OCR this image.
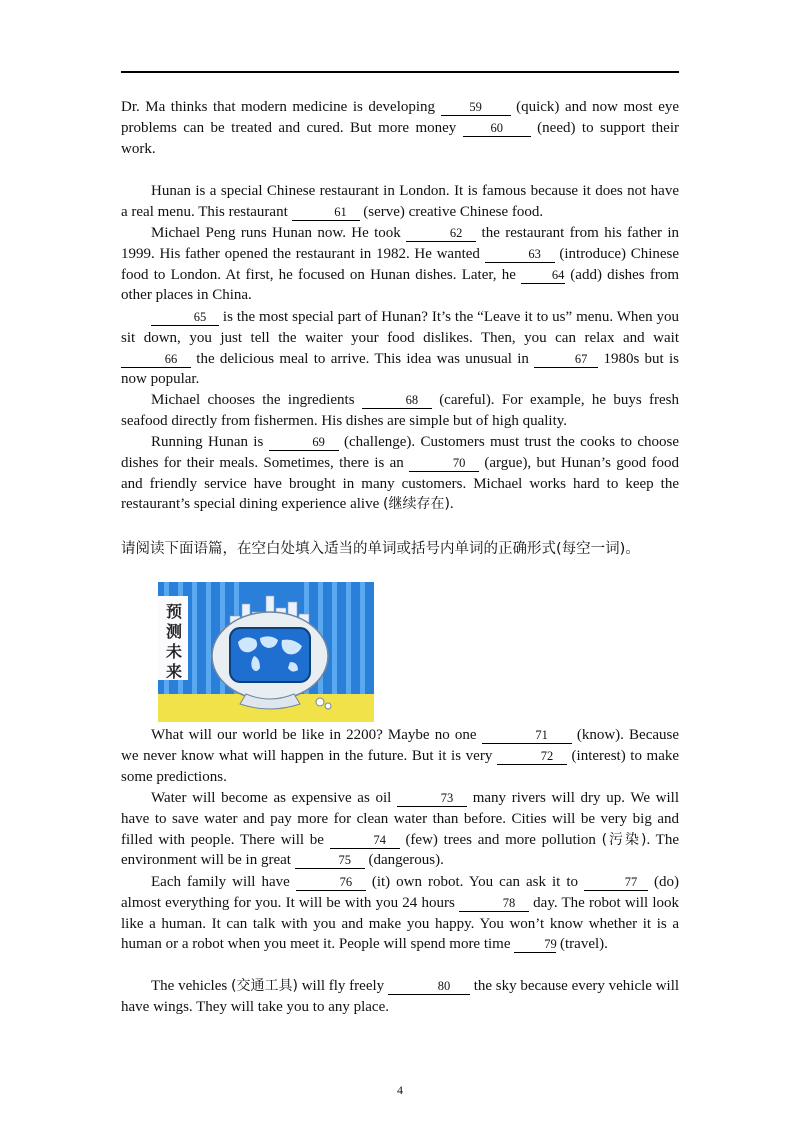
Dr. Ma thinks that modern medicine is developing	59 (quick) and now most eye problems can be treated and cured. But more money	60 (need) to support their work.

Hunan is a special Chinese restaurant in London. It is famous because it does not have a real menu. This restaurant	61 (serve) creative Chinese food.

Michael Peng runs Hunan now. He took	62 the restaurant from his father in 1999. His father opened the restaurant in 1982. He wanted	63 (introduce) Chinese food to London. At first, he focused on Hunan dishes. Later, he	64 (add) dishes from other places in China.

65 is the most special part of Hunan? It’s the “Leave it to us” menu. When you sit down, you just tell the waiter your food dislikes. Then, you can relax and wait 66 the delicious meal to arrive. This idea was unusual in	67 1980s but is now popular.

Michael chooses the ingredients	68 (careful). For example, he buys fresh seafood directly from fishermen. His dishes are simple but of high quality.

Running Hunan is	69 (challenge). Customers must trust the cooks to choose dishes for their meals. Sometimes, there is an	70 (argue), but Hunan’s good food and friendly service have brought in many customers. Michael works hard to keep the restaurant’s special dining experience alive (继续存在).

请阅读下面语篇，在空白处填入适当的单词或括号内单词的正确形式(每空一词)。

预
测
未
来

What will our world be like in 2200? Maybe no one	71 (know). Because we never know what will happen in the future. But it is very	72 (interest) to make some predictions.

Water will become as expensive as oil	73 many rivers will dry up. We will have to save water and pay more for clean water than before. Cities will be very big and filled with people. There will be	74 (few) trees and more pollution (污染). The environment will be in great	75 (dangerous).

Each family will have	76 (it) own robot. You can ask it to	77 (do) almost everything for you. It will be with you 24 hours	78 day. The robot will look like a human. It can talk with you and make you happy. You won’t know whether it is a human or a robot when you meet it. People will spend more time	79 (travel).

The vehicles (交通工具) will fly freely	80 the sky because every vehicle will have wings. They will take you to any place.

4
